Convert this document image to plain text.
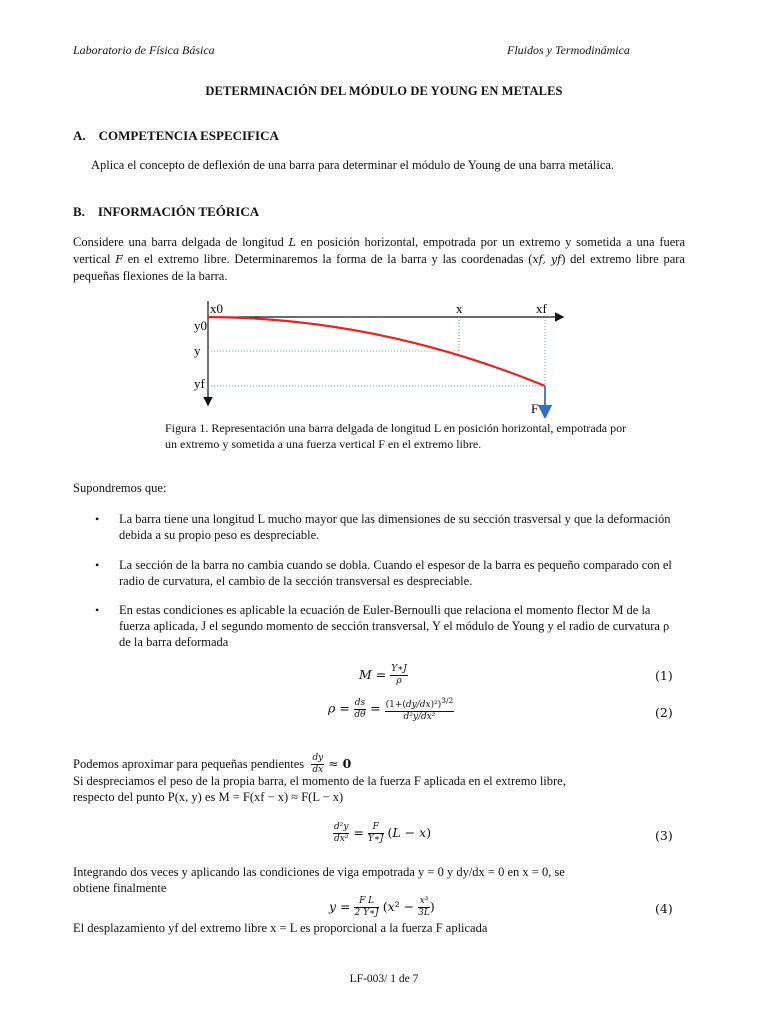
Laboratorio de Física Básica	Fluidos y Termodinámica
DETERMINACIÓN DEL MÓDULO DE YOUNG EN METALES
A.    COMPETENCIA ESPECIFICA
Aplica el concepto de deflexión de una barra para determinar el módulo de Young de una barra metálica.
B.    INFORMACIÓN TEÓRICA
Considere una barra delgada de longitud L en posición horizontal, empotrada por un extremo y sometida a una fuera vertical F en el extremo libre. Determinaremos la forma de la barra y las coordenadas (xf, yf) del extremo libre para pequeñas flexiones de la barra.
x0	x	xf
y0
y
yf
F
Figura 1. Representación una barra delgada de longitud L en posición horizontal, empotrada por un extremo y sometida a una fuerza vertical F en el extremo libre.
Supondremos que:
• La barra tiene una longitud L mucho mayor que las dimensiones de su sección trasversal y que la deformación debida a su propio peso es despreciable.
• La sección de la barra no cambia cuando se dobla. Cuando el espesor de la barra es pequeño comparado con el radio de curvatura, el cambio de la sección transversal es despreciable.
• En estas condiciones es aplicable la ecuación de Euler-Bernoulli que relaciona el momento flector M de la fuerza aplicada, J el segundo momento de sección transversal, Y el módulo de Young y el radio de curvatura ρ de la barra deformada
$M = \frac{Y∗J}{\rho}$	(1)
$\rho = \frac{ds}{d\theta} = \frac{(1+(dy/dx)^2)^{3/2}}{\text{d²y/dx²}}$	(2)
Podemos aproximar para pequeñas pendientes $\frac{dy}{dx} \approx 0$
Si despreciamos el peso de la propia barra, el momento de la fuerza F aplicada en el extremo libre,
respecto del punto P(x, y) es M = F(xf − x) ≈ F(L − x)
$\frac{\text{d²y}}{\text{dx²}} = \frac{F}{Y∗J} (L - x)$	(3)
Integrando dos veces y aplicando las condiciones de viga empotrada y = 0 y dy/dx = 0 en x = 0, se
obtiene finalmente
$y = \frac{\text{F L}}{2 Y∗J} (x^2 - \frac{\text{x³}}{3L}$ )	(4)
El desplazamiento yf del extremo libre x = L es proporcional a la fuerza F aplicada
LF-003/ 1 de 7
